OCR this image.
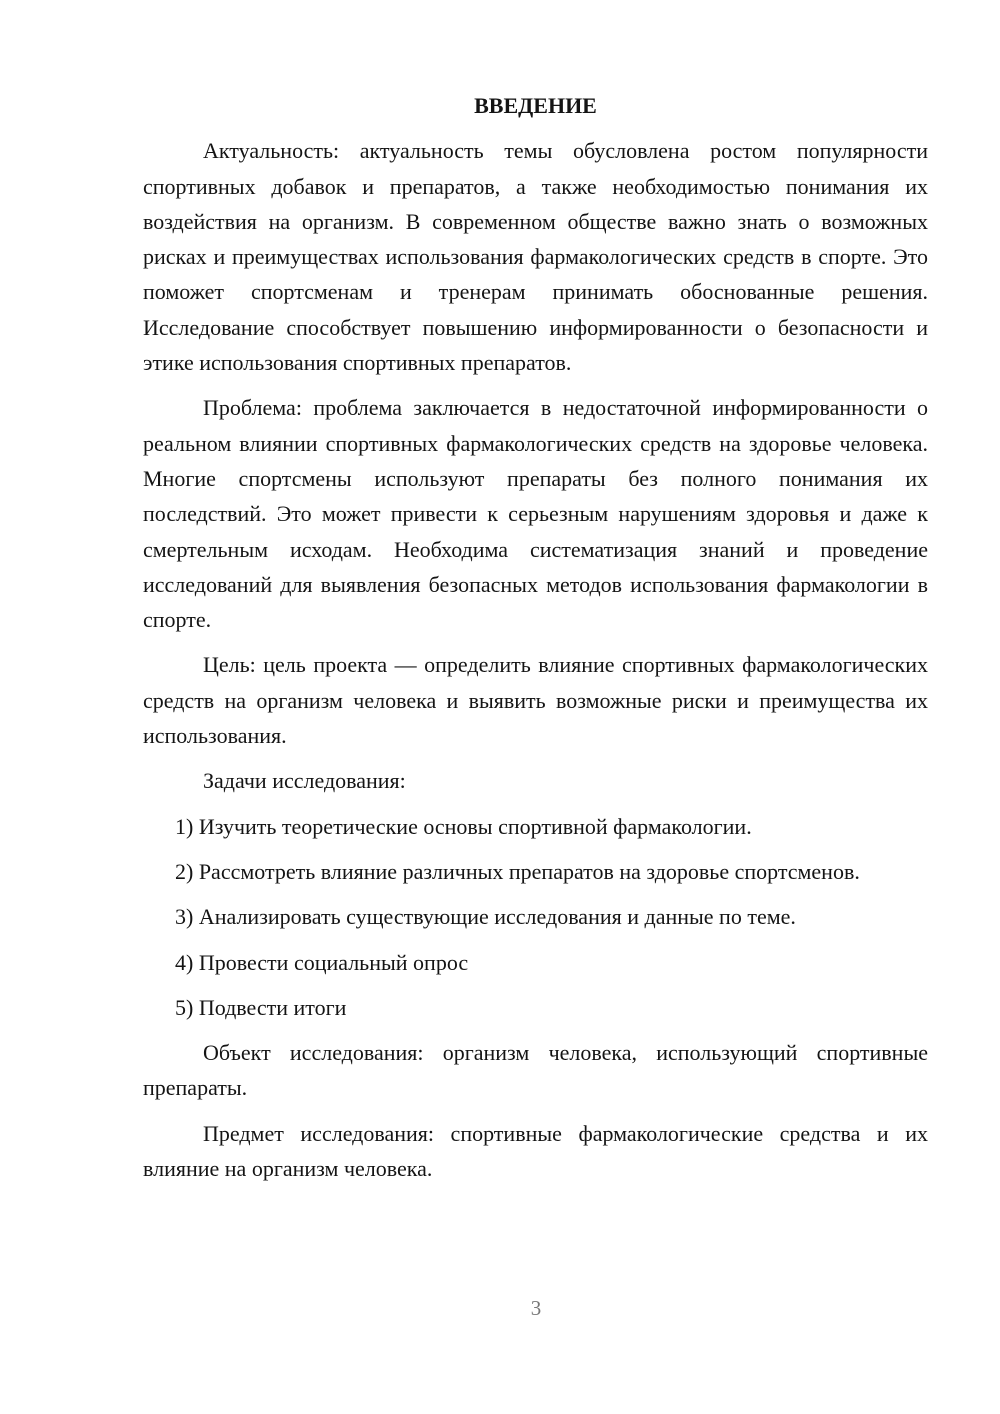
ВВЕДЕНИЕ

Актуальность: актуальность темы обусловлена ростом популярности спортивных добавок и препаратов, а также необходимостью понимания их воздействия на организм. В современном обществе важно знать о возможных рисках и преимуществах использования фармакологических средств в спорте. Это поможет спортсменам и тренерам принимать обоснованные решения. Исследование способствует повышению информированности о безопасности и этике использования спортивных препаратов.

Проблема: проблема заключается в недостаточной информированности о реальном влиянии спортивных фармакологических средств на здоровье человека. Многие спортсмены используют препараты без полного понимания их последствий. Это может привести к серьезным нарушениям здоровья и даже к смертельным исходам. Необходима систематизация знаний и проведение исследований для выявления безопасных методов использования фармакологии в спорте.

Цель: цель проекта — определить влияние спортивных фармакологических средств на организм человека и выявить возможные риски и преимущества их использования.

Задачи исследования:

1) Изучить теоретические основы спортивной фармакологии.

2) Рассмотреть влияние различных препаратов на здоровье спортсменов.

3) Анализировать существующие исследования и данные по теме.

4) Провести социальный опрос

5) Подвести итоги

Объект исследования: организм человека, использующий спортивные препараты.

Предмет исследования: спортивные фармакологические средства и их влияние на организм человека.

3
